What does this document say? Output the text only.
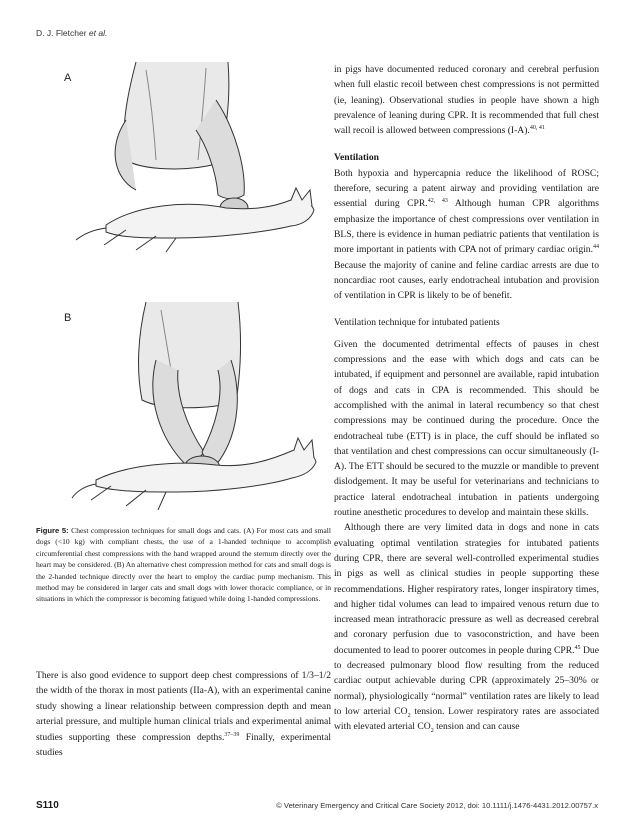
D. J. Fletcher et al.
A
B
Figure 5: Chest compression techniques for small dogs and cats. (A) For most cats and small dogs (<10 kg) with compliant chests, the use of a 1-handed technique to accomplish circumferential chest compressions with the hand wrapped around the sternum directly over the heart may be considered. (B) An alternative chest compression method for cats and small dogs is the 2-handed technique directly over the heart to employ the cardiac pump mechanism. This method may be considered in larger cats and small dogs with lower thoracic compliance, or in situations in which the compressor is becoming fatigued while doing 1-handed compressions.
There is also good evidence to support deep chest compressions of 1/3–1/2 the width of the thorax in most patients (IIa-A), with an experimental canine study showing a linear relationship between compression depth and mean arterial pressure, and multiple human clinical trials and experimental animal studies supporting these compression depths.$^{37-39}$ Finally, experimental studies

in pigs have documented reduced coronary and cerebral perfusion when full elastic recoil between chest compressions is not permitted (ie, leaning). Observational studies in people have shown a high prevalence of leaning during CPR. It is recommended that full chest wall recoil is allowed between compressions (I-A).$^{40, 41}$

Ventilation

Both hypoxia and hypercapnia reduce the likelihood of ROSC; therefore, securing a patent airway and providing ventilation are essential during CPR.$^{42, 43}$ Although human CPR algorithms emphasize the importance of chest compressions over ventilation in BLS, there is evidence in human pediatric patients that ventilation is more important in patients with CPA not of primary cardiac origin.$^{44}$ Because the majority of canine and feline cardiac arrests are due to noncardiac root causes, early endotracheal intubation and provision of ventilation in CPR is likely to be of benefit.

Ventilation technique for intubated patients

Given the documented detrimental effects of pauses in chest compressions and the ease with which dogs and cats can be intubated, if equipment and personnel are available, rapid intubation of dogs and cats in CPA is recommended. This should be accomplished with the animal in lateral recumbency so that chest compressions may be continued during the procedure. Once the endotracheal tube (ETT) is in place, the cuff should be inflated so that ventilation and chest compressions can occur simultaneously (I-A). The ETT should be secured to the muzzle or mandible to prevent dislodgement. It may be useful for veterinarians and technicians to practice lateral endotracheal intubation in patients undergoing routine anesthetic procedures to develop and maintain these skills.

Although there are very limited data in dogs and none in cats evaluating optimal ventilation strategies for intubated patients during CPR, there are several well-controlled experimental studies in pigs as well as clinical studies in people supporting these recommendations. Higher respiratory rates, longer inspiratory times, and higher tidal volumes can lead to impaired venous return due to increased mean intrathoracic pressure as well as decreased cerebral and coronary perfusion due to vasoconstriction, and have been documented to lead to poorer outcomes in people during CPR.$^{45}$ Due to decreased pulmonary blood flow resulting from the reduced cardiac output achievable during CPR (approximately 25–30% or normal), physiologically “normal” ventilation rates are likely to lead to low arterial $CO_2$ tension. Lower respiratory rates are associated with elevated arterial $CO_2$ tension and can cause

S110	© Veterinary Emergency and Critical Care Society 2012, doi: 10.1111/j.1476-4431.2012.00757.x
